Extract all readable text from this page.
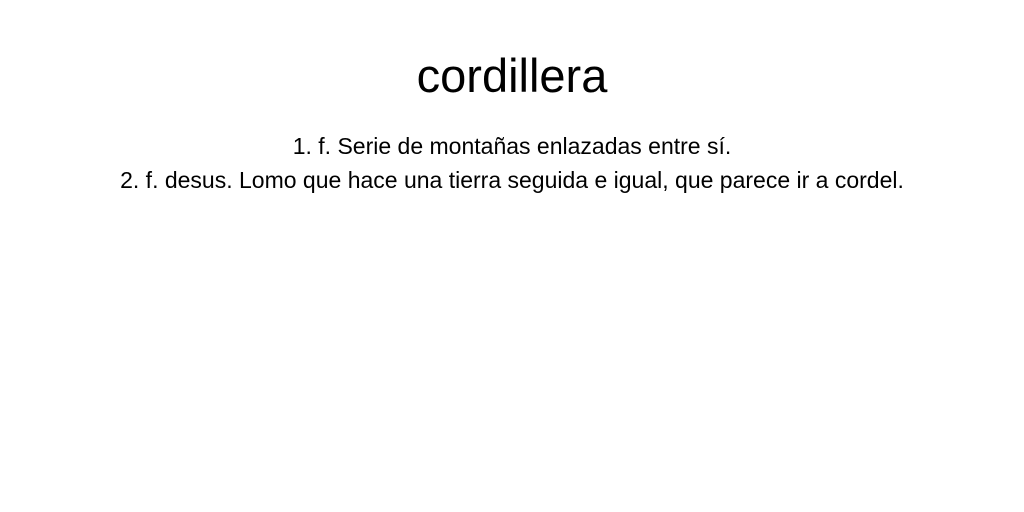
cordillera
1. f. Serie de montañas enlazadas entre sí.
2. f. desus. Lomo que hace una tierra seguida e igual, que parece ir a cordel.
